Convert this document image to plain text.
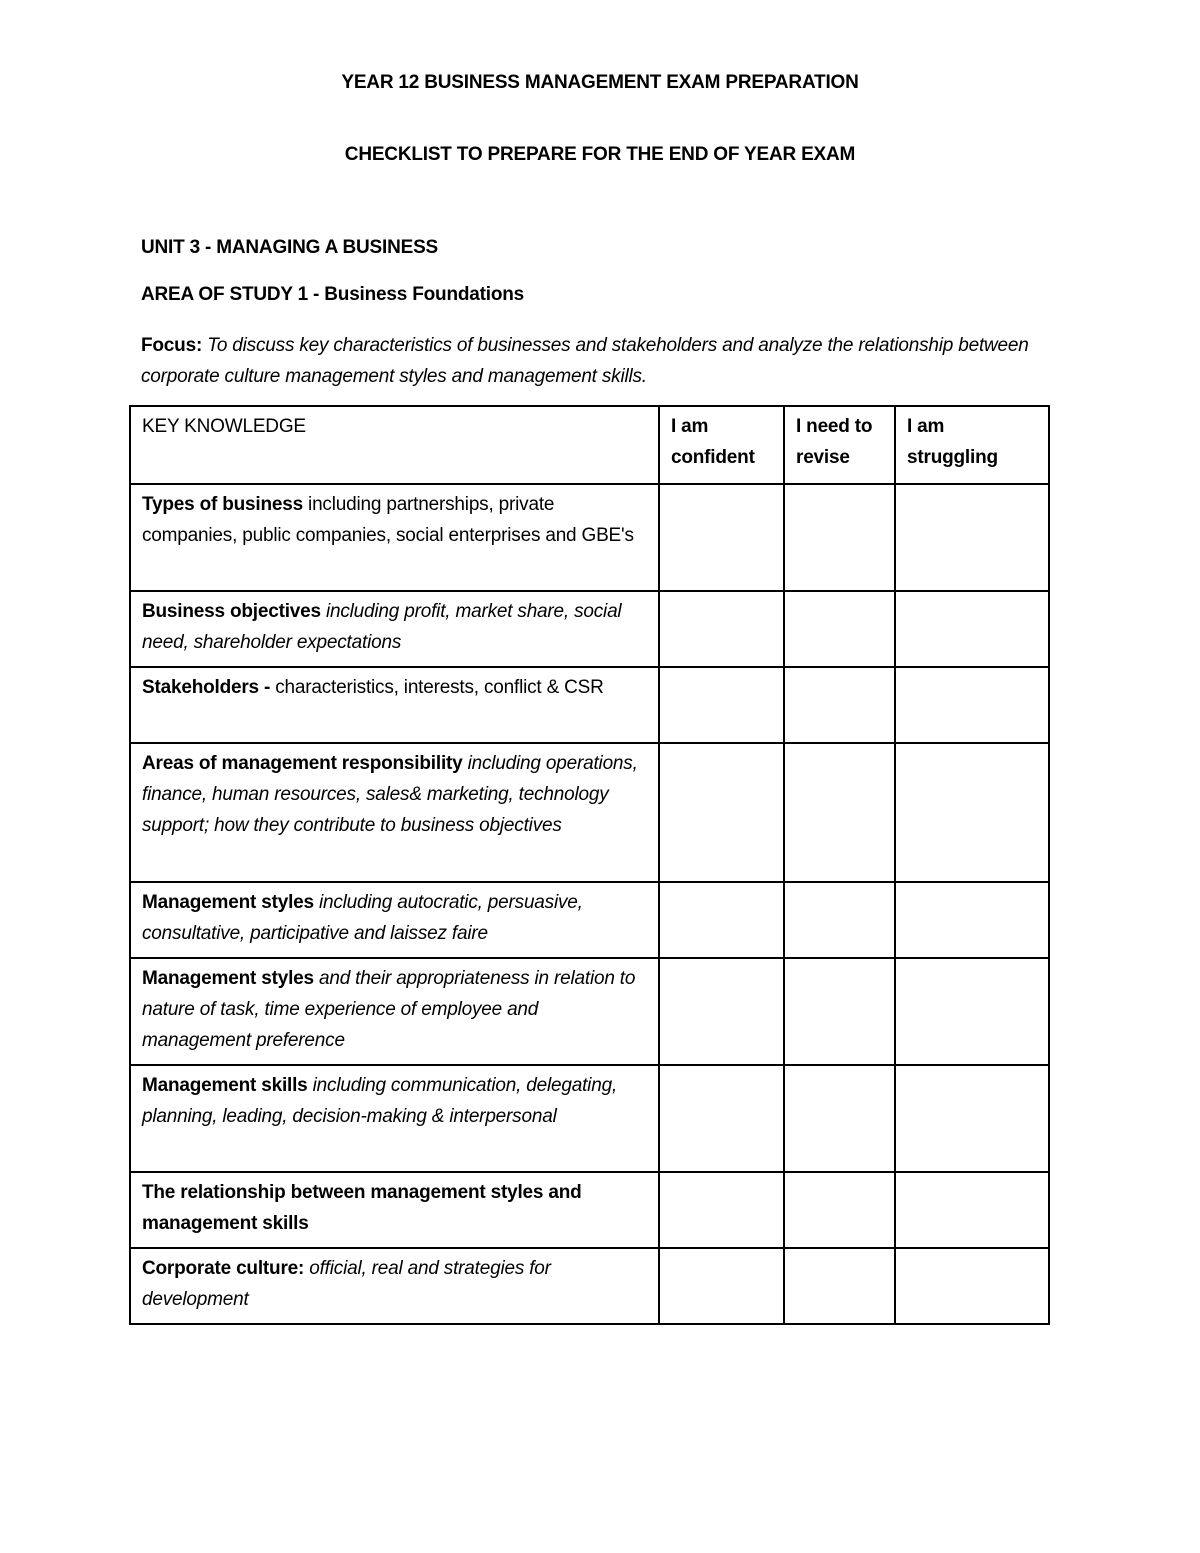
YEAR 12 BUSINESS MANAGEMENT EXAM PREPARATION
CHECKLIST TO PREPARE FOR THE END OF YEAR EXAM
UNIT 3 - MANAGING A BUSINESS
AREA OF STUDY 1 - Business Foundations
Focus: To discuss key characteristics of businesses and stakeholders and analyze the relationship between corporate culture management styles and management skills.
KEY KNOWLEDGE	I am confident	I need to revise	I am struggling
Types of business including partnerships, private companies, public companies, social enterprises and GBE's			
Business objectives including profit, market share, social need, shareholder expectations			
Stakeholders - characteristics, interests, conflict & CSR			
Areas of management responsibility including operations, finance, human resources, sales& marketing, technology support; how they contribute to business objectives			
Management styles including autocratic, persuasive, consultative, participative and laissez faire			
Management styles and their appropriateness in relation to nature of task, time experience of employee and management preference			
Management skills including communication, delegating, planning, leading, decision-making & interpersonal			
The relationship between management styles and management skills			
Corporate culture: official, real and strategies for development			
